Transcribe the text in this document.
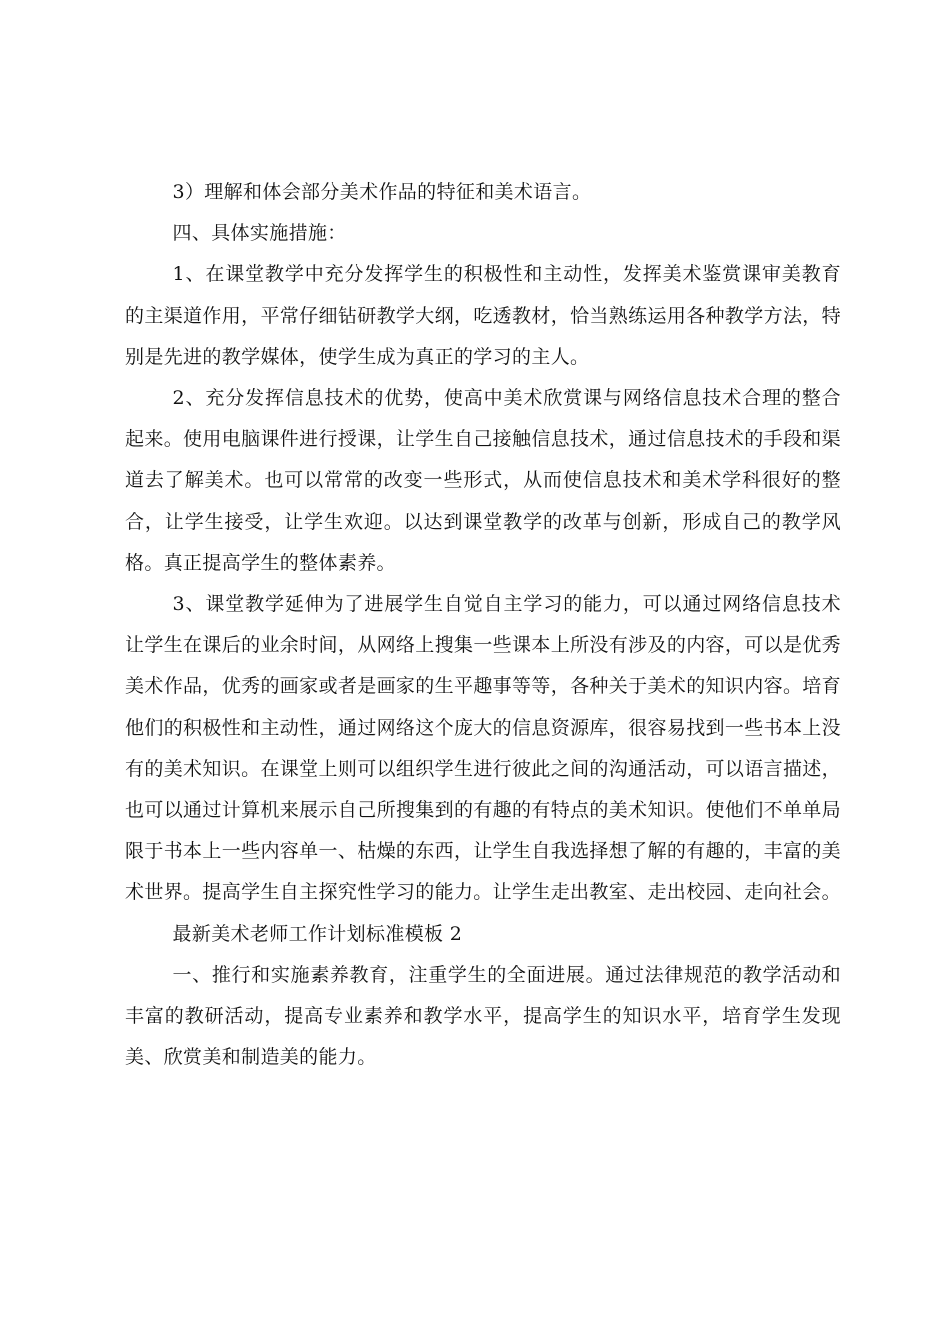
3）理解和体会部分美术作品的特征和美术语言。

四、具体实施措施：

1、在课堂教学中充分发挥学生的积极性和主动性，发挥美术鉴赏课审美教育的主渠道作用，平常仔细钻研教学大纲，吃透教材，恰当熟练运用各种教学方法，特别是先进的教学媒体，使学生成为真正的学习的主人。

2、充分发挥信息技术的优势，使高中美术欣赏课与网络信息技术合理的整合起来。使用电脑课件进行授课，让学生自己接触信息技术，通过信息技术的手段和渠道去了解美术。也可以常常的改变一些形式，从而使信息技术和美术学科很好的整合，让学生接受，让学生欢迎。以达到课堂教学的改革与创新，形成自己的教学风格。真正提高学生的整体素养。

3、课堂教学延伸为了进展学生自觉自主学习的能力，可以通过网络信息技术让学生在课后的业余时间，从网络上搜集一些课本上所没有涉及的内容，可以是优秀美术作品，优秀的画家或者是画家的生平趣事等等，各种关于美术的知识内容。培育他们的积极性和主动性，通过网络这个庞大的信息资源库，很容易找到一些书本上没有的美术知识。在课堂上则可以组织学生进行彼此之间的沟通活动，可以语言描述，也可以通过计算机来展示自己所搜集到的有趣的有特点的美术知识。使他们不单单局限于书本上一些内容单一、枯燥的东西，让学生自我选择想了解的有趣的，丰富的美术世界。提高学生自主探究性学习的能力。让学生走出教室、走出校园、走向社会。

最新美术老师工作计划标准模板 2

一、推行和实施素养教育，注重学生的全面进展。通过法律规范的教学活动和丰富的教研活动，提高专业素养和教学水平，提高学生的知识水平，培育学生发现美、欣赏美和制造美的能力。
